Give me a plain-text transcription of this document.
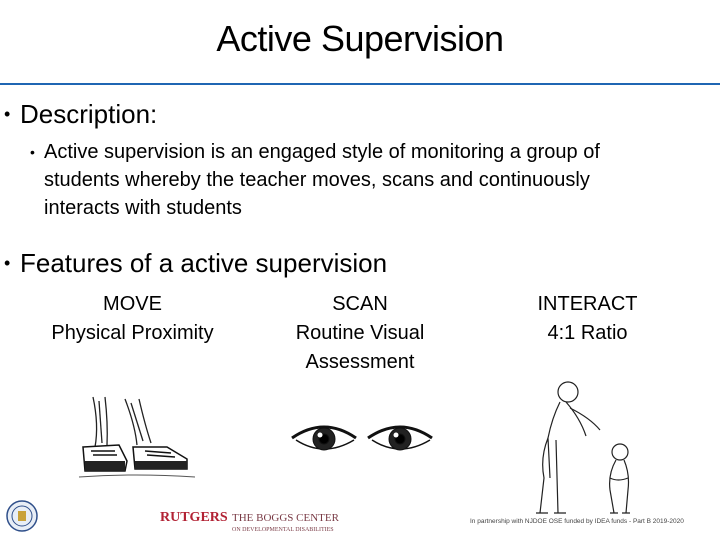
Active Supervision
• Description:
• Active supervision is an engaged style of monitoring a group of
students whereby the teacher moves, scans and continuously
interacts with students
• Features of a active supervision
MOVE
Physical Proximity
SCAN
Routine Visual
Assessment
INTERACT
4:1 Ratio
RUTGERS THE BOGGS CENTER
ON DEVELOPMENTAL DISABILITIES
In partnership with NJDOE OSE funded by IDEA funds - Part B 2019-2020
